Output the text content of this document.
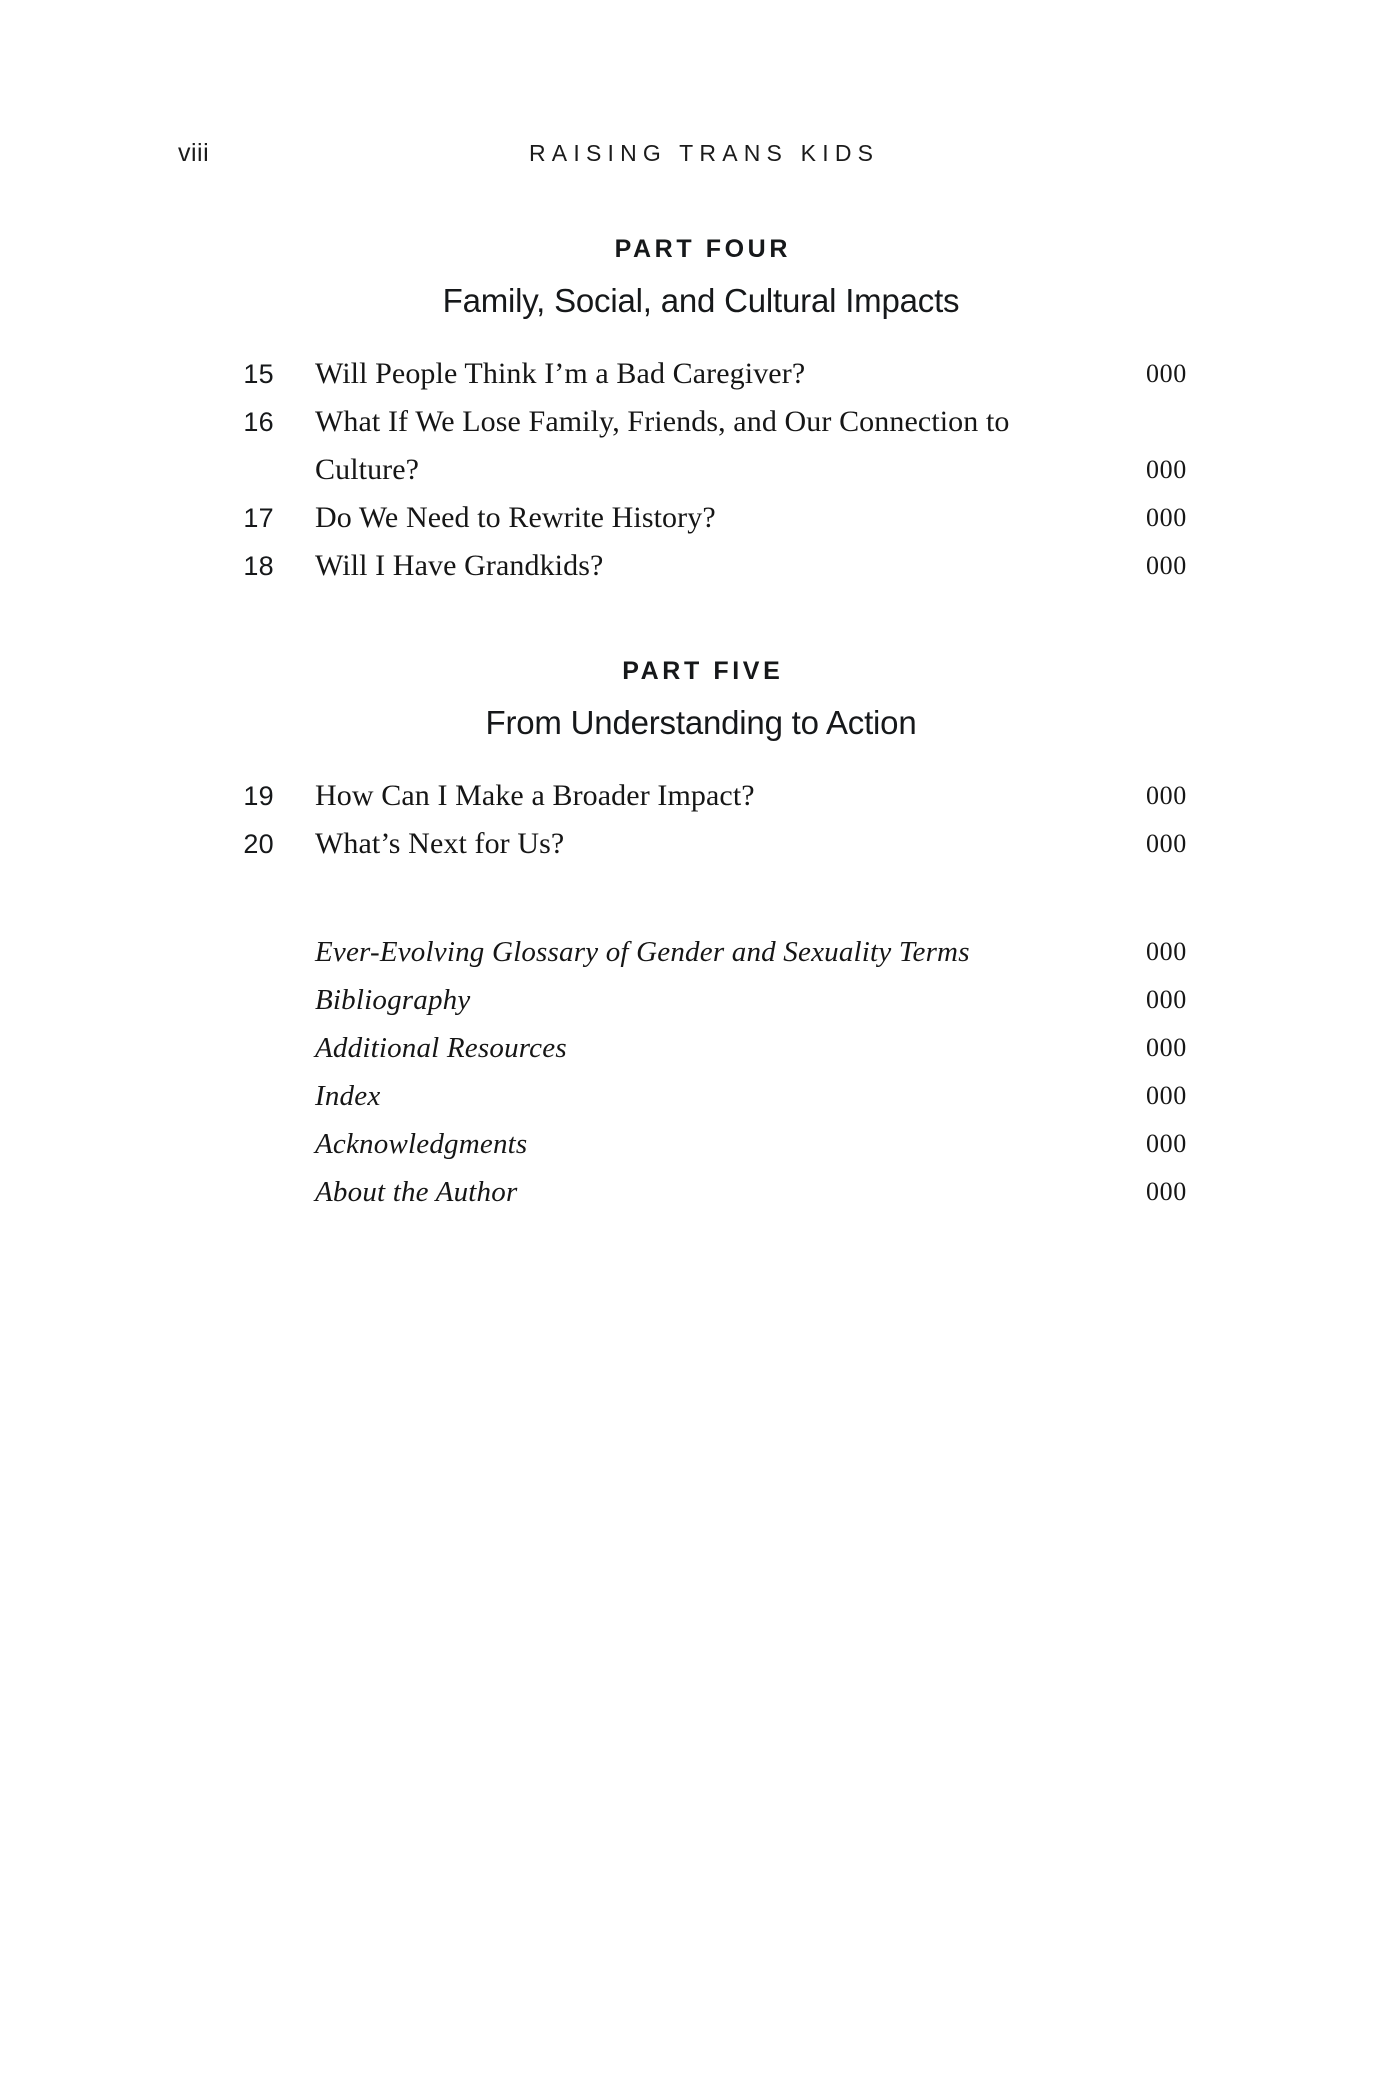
viii	RAISING TRANS KIDS
PART FOUR
Family, Social, and Cultural Impacts
15	Will People Think I’m a Bad Caregiver?	000
16 What If We Lose Family, Friends, and Our Connection to
Culture?	000
17	Do We Need to Rewrite History?	000
18	Will I Have Grandkids?	000
PART FIVE
From Understanding to Action
19	How Can I Make a Broader Impact?	000
20	What’s Next for Us?	000
Ever-Evolving Glossary of Gender and Sexuality Terms	000
Bibliography	000
Additional Resources	000
Index	000
Acknowledgments	000
About the Author	000
